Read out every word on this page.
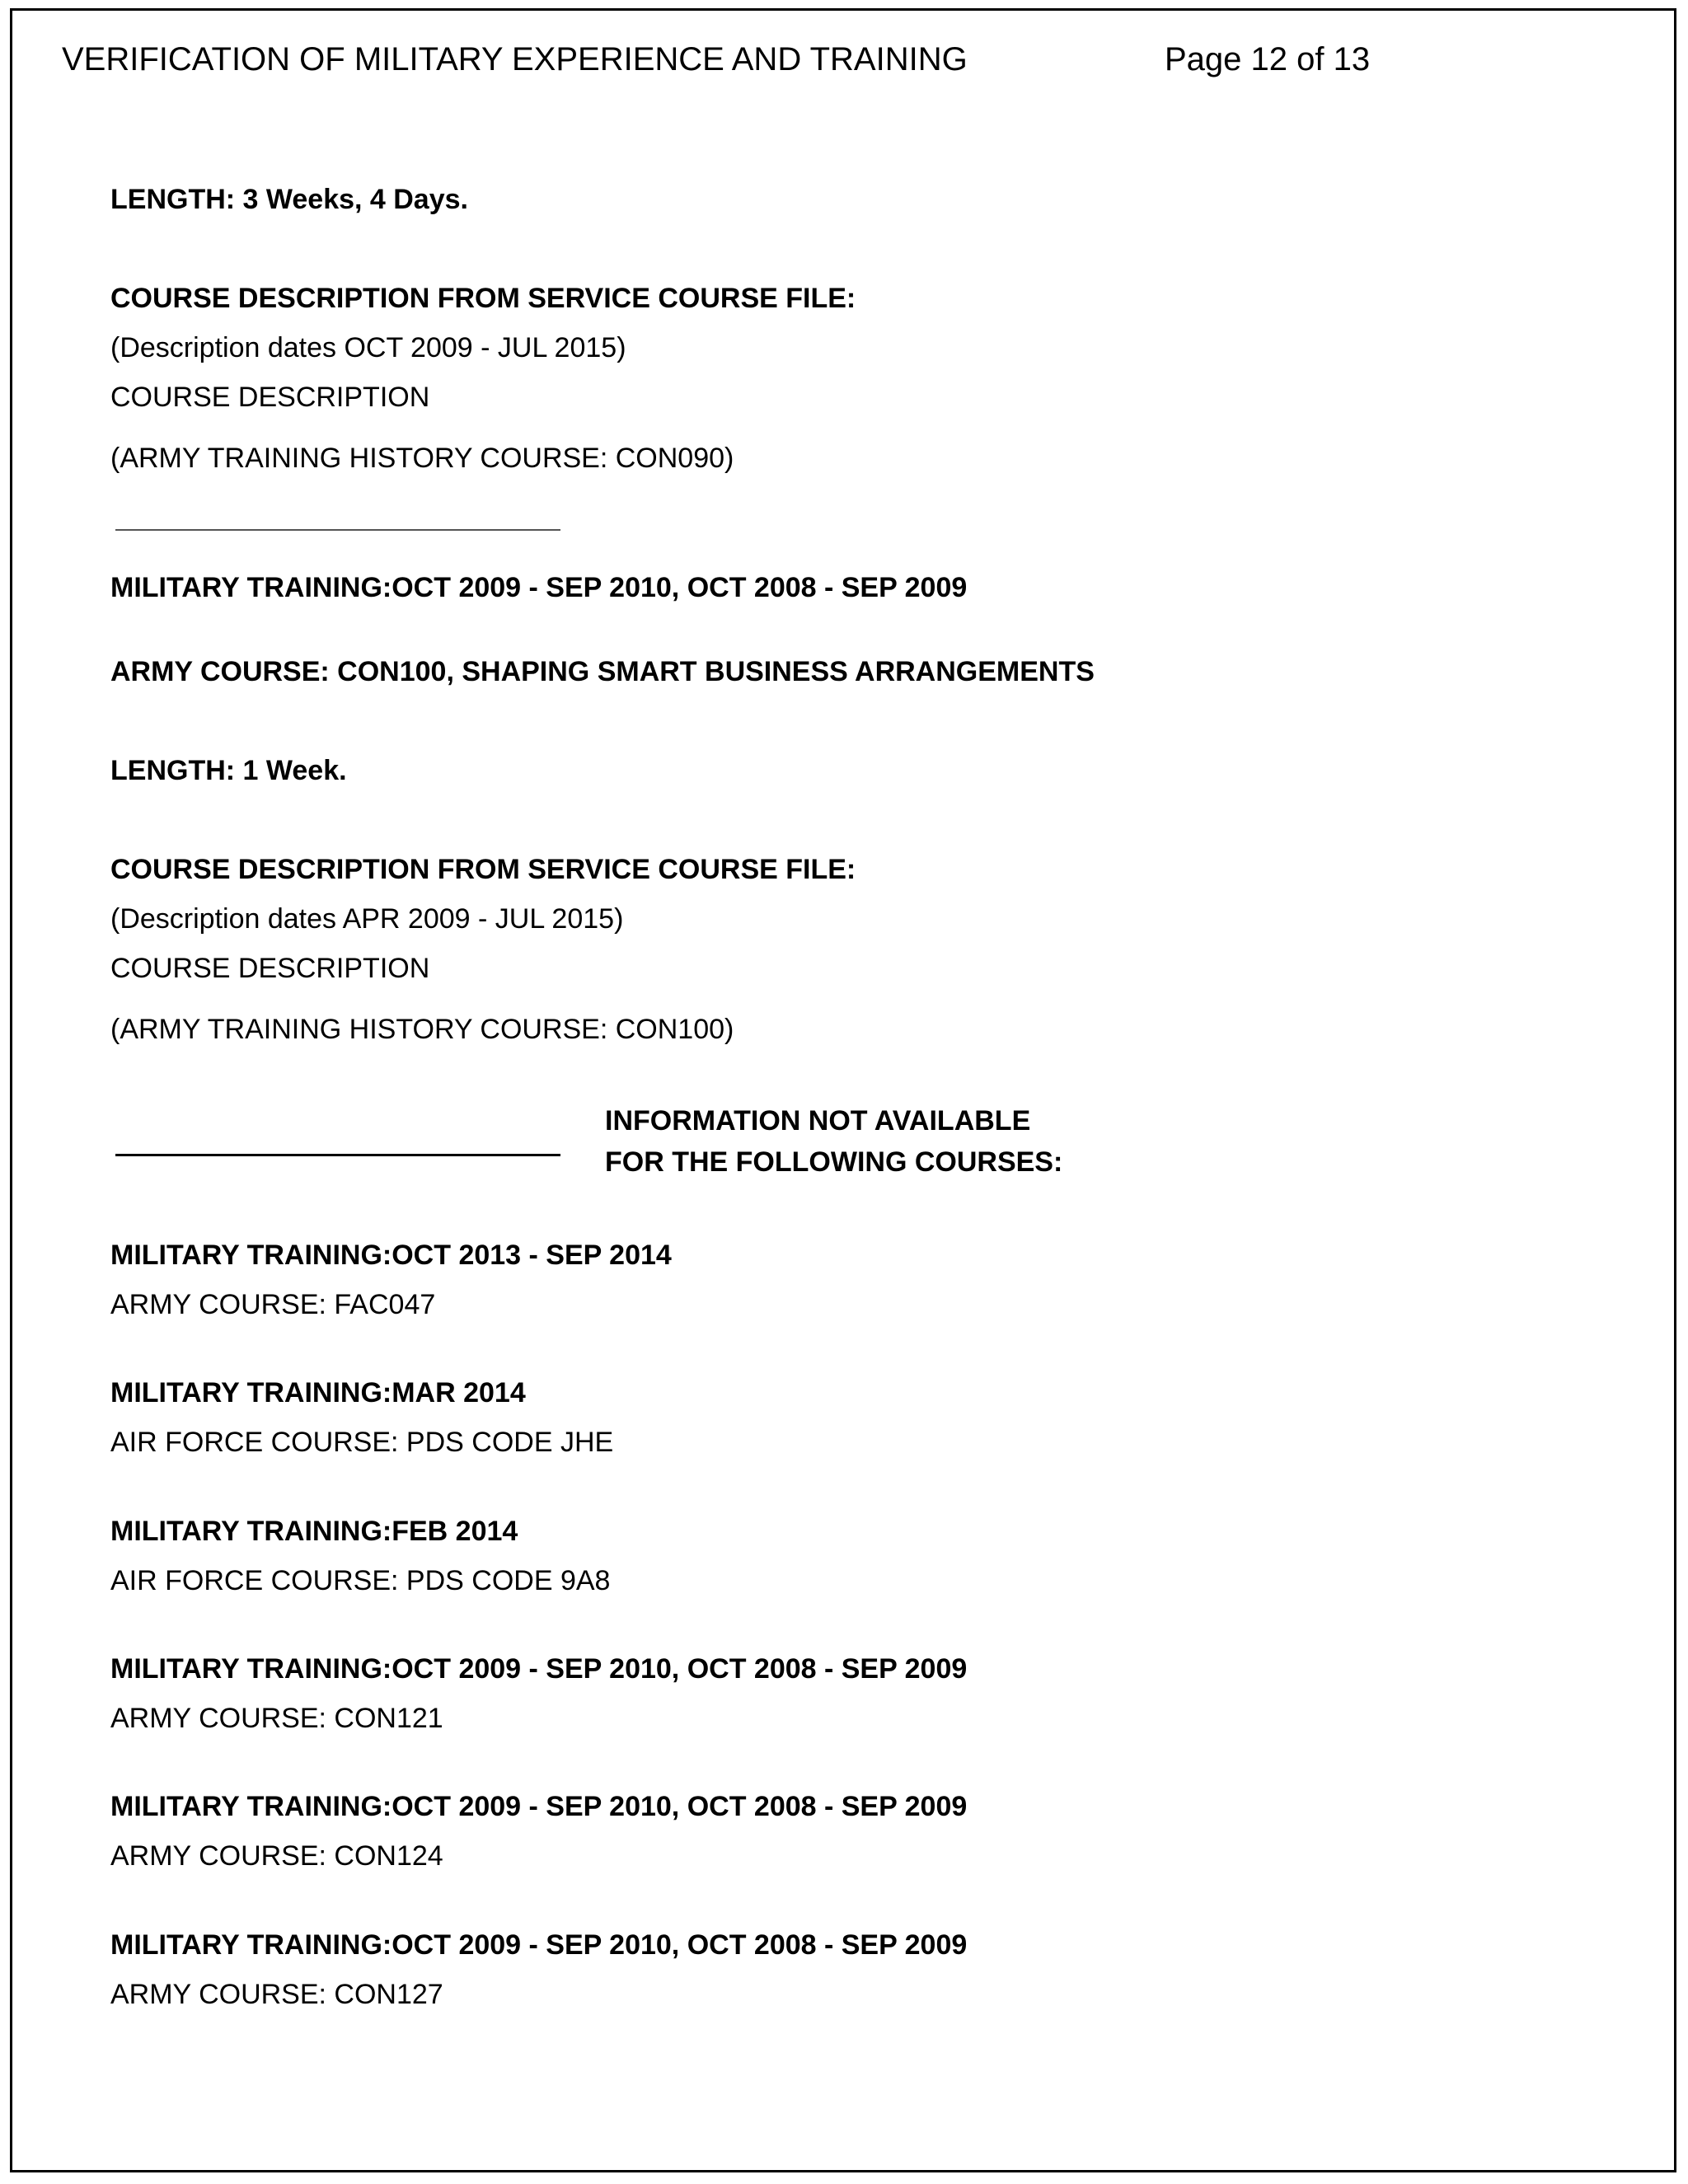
VERIFICATION OF MILITARY EXPERIENCE AND TRAINING	Page 12 of 13
LENGTH: 3 Weeks, 4 Days.
COURSE DESCRIPTION FROM SERVICE COURSE FILE:
(Description dates OCT 2009 - JUL 2015)
COURSE DESCRIPTION
(ARMY TRAINING HISTORY COURSE: CON090)
MILITARY TRAINING:OCT 2009 - SEP 2010, OCT 2008 - SEP 2009
ARMY COURSE: CON100, SHAPING SMART BUSINESS ARRANGEMENTS
LENGTH: 1 Week.
COURSE DESCRIPTION FROM SERVICE COURSE FILE:
(Description dates APR 2009 - JUL 2015)
COURSE DESCRIPTION
(ARMY TRAINING HISTORY COURSE: CON100)
INFORMATION NOT AVAILABLE
FOR THE FOLLOWING COURSES:
MILITARY TRAINING:OCT 2013 - SEP 2014
ARMY COURSE: FAC047
MILITARY TRAINING:MAR 2014
AIR FORCE COURSE: PDS CODE JHE
MILITARY TRAINING:FEB 2014
AIR FORCE COURSE: PDS CODE 9A8
MILITARY TRAINING:OCT 2009 - SEP 2010, OCT 2008 - SEP 2009
ARMY COURSE: CON121
MILITARY TRAINING:OCT 2009 - SEP 2010, OCT 2008 - SEP 2009
ARMY COURSE: CON124
MILITARY TRAINING:OCT 2009 - SEP 2010, OCT 2008 - SEP 2009
ARMY COURSE: CON127
